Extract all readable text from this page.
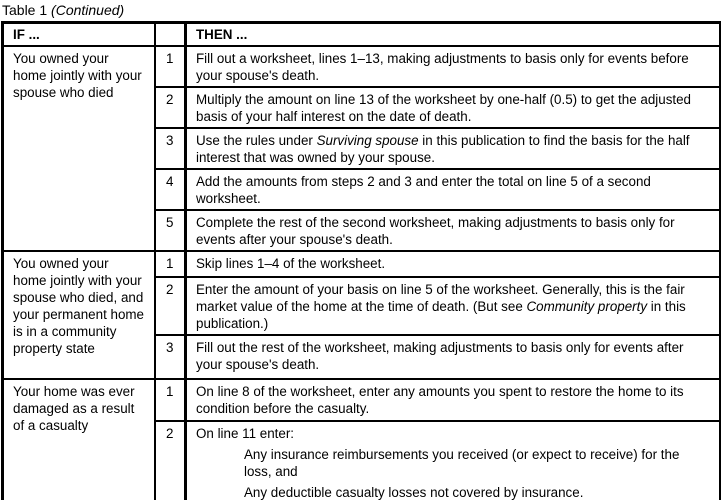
Table 1 (Continued)
IF ...		THEN ...
You owned your home jointly with your spouse who died	1	Fill out a worksheet, lines 1–13, making adjustments to basis only for events before your spouse's death.
	2	Multiply the amount on line 13 of the worksheet by one-half (0.5) to get the adjusted basis of your half interest on the date of death.
	3	Use the rules under Surviving spouse in this publication to find the basis for the half interest that was owned by your spouse.
	4	Add the amounts from steps 2 and 3 and enter the total on line 5 of a second worksheet.
	5	Complete the rest of the second worksheet, making adjustments to basis only for events after your spouse's death.
You owned your home jointly with your spouse who died, and your permanent home is in a community property state	1	Skip lines 1–4 of the worksheet.
	2	Enter the amount of your basis on line 5 of the worksheet. Generally, this is the fair market value of the home at the time of death. (But see Community property in this publication.)
	3	Fill out the rest of the worksheet, making adjustments to basis only for events after your spouse's death.
Your home was ever damaged as a result of a casualty	1	On line 8 of the worksheet, enter any amounts you spent to restore the home to its condition before the casualty.
	2	On line 11 enter:
Any insurance reimbursements you received (or expect to receive) for the loss, and
Any deductible casualty losses not covered by insurance.
